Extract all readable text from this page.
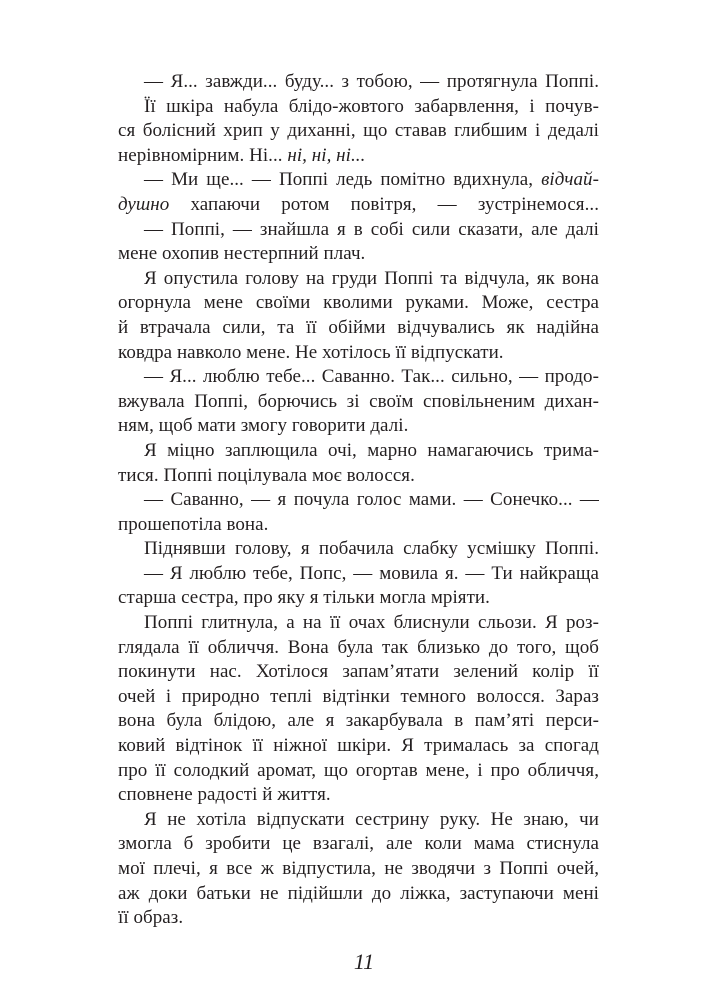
— Я... завжди... буду... з тобою, — протягнула Поппі.
Її шкіра набула блідо-жовтого забарвлення, і почув-
ся болісний хрип у диханні, що ставав глибшим і дедалі
нерівномірним. Ні... ні, ні, ні...
— Ми ще... — Поппі ледь помітно вдихнула, відчай-
душно хапаючи ротом повітря, — зустрінемося...
— Поппі, — знайшла я в собі сили сказати, але далі
мене охопив нестерпний плач.
Я опустила голову на груди Поппі та відчула, як вона
огорнула мене своїми кволими руками. Може, сестра
й втрачала сили, та її обійми відчувались як надійна
ковдра навколо мене. Не хотілось її відпускати.
— Я... люблю тебе... Саванно. Так... сильно, — продо-
вжувала Поппі, борючись зі своїм сповільненим дихан-
ням, щоб мати змогу говорити далі.
Я міцно заплющила очі, марно намагаючись трима-
тися. Поппі поцілувала моє волосся.
— Саванно, — я почула голос мами. — Сонечко... —
прошепотіла вона.
Піднявши голову, я побачила слабку усмішку Поппі.
— Я люблю тебе, Попс, — мовила я. — Ти найкраща
старша сестра, про яку я тільки могла мріяти.
Поппі глитнула, а на її очах блиснули сльози. Я роз-
глядала її обличчя. Вона була так близько до того, щоб
покинути нас. Хотілося запам’ятати зелений колір її
очей і природно теплі відтінки темного волосся. Зараз
вона була блідою, але я закарбувала в пам’яті перси-
ковий відтінок її ніжної шкіри. Я трималась за спогад
про її солодкий аромат, що огортав мене, і про обличчя,
сповнене радості й життя.
Я не хотіла відпускати сестрину руку. Не знаю, чи
змогла б зробити це взагалі, але коли мама стиснула
мої плечі, я все ж відпустила, не зводячи з Поппі очей,
аж доки батьки не підійшли до ліжка, заступаючи мені
її образ.
11
